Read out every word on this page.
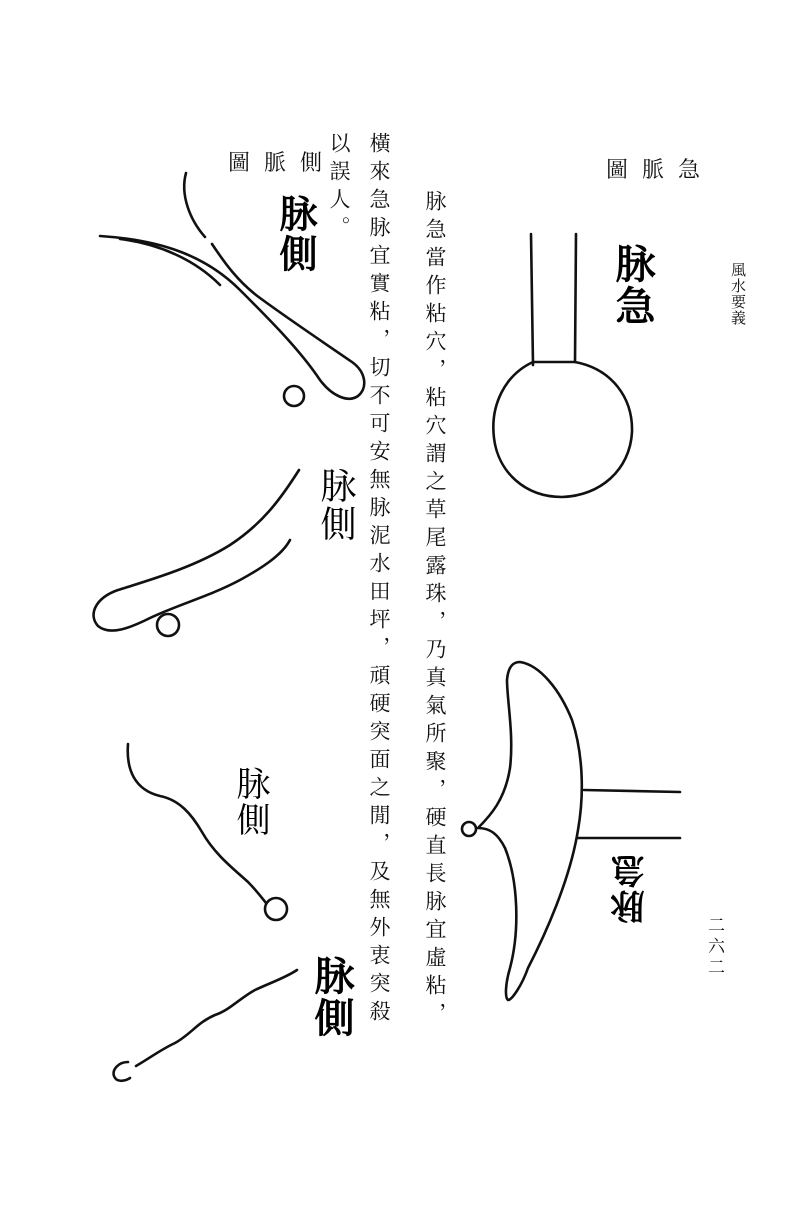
風水要義
二六二

急脈圖

側脈圖

脉急
脉急
脉側
脉側
脉側
脉側	脉急當作粘穴，粘穴謂之草尾露珠，乃真氣所聚，硬直長脉宜虛粘，
橫來急脉宜實粘，切不可安無脉泥水田坪，頑硬突面之閒，及無外衷突殺
以誤人。
